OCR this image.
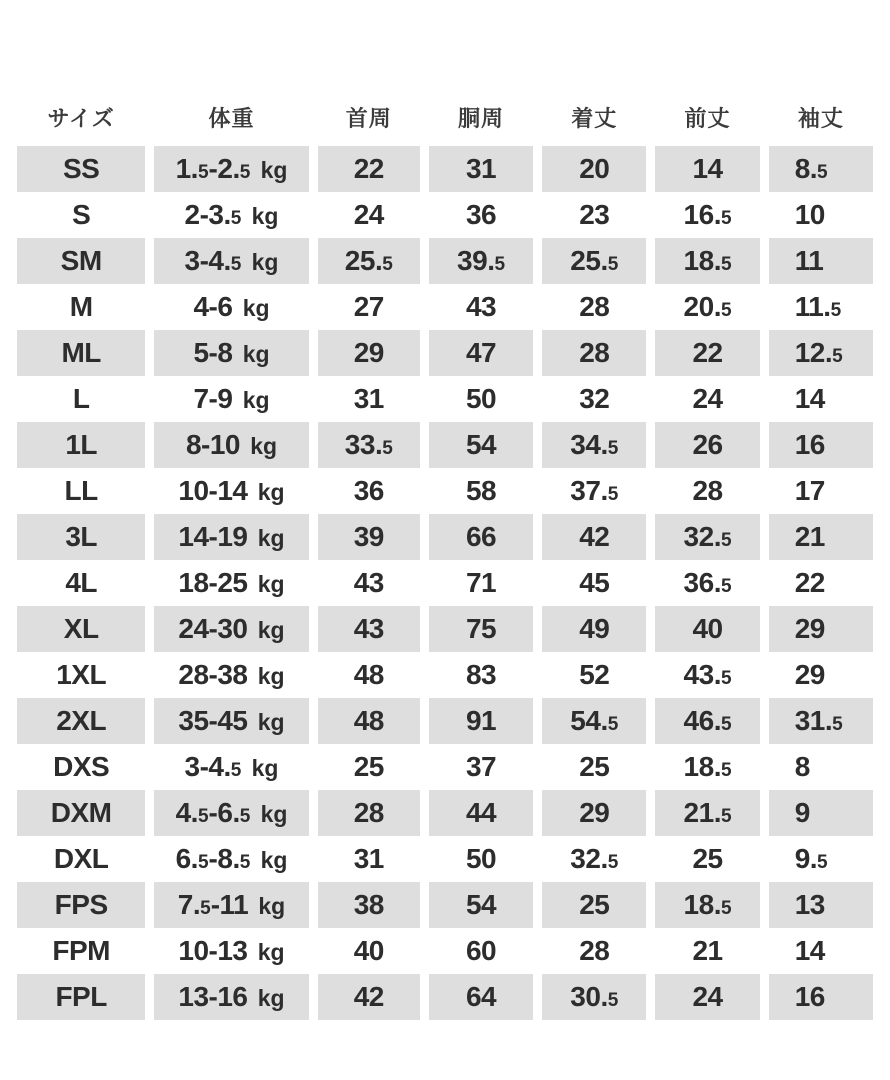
サイズ	体重	首周	胴周	着丈	前丈	袖丈
SS	1.5-2.5 kg	22	31	20	14	8.5
S	2-3.5 kg	24	36	23	16.5	10
SM	3-4.5 kg	25.5	39.5	25.5	18.5	11
M	4-6 kg	27	43	28	20.5	11.5
ML	5-8 kg	29	47	28	22	12.5
L	7-9 kg	31	50	32	24	14
1L	8-10 kg	33.5	54	34.5	26	16
LL	10-14 kg	36	58	37.5	28	17
3L	14-19 kg	39	66	42	32.5	21
4L	18-25 kg	43	71	45	36.5	22
XL	24-30 kg	43	75	49	40	29
1XL	28-38 kg	48	83	52	43.5	29
2XL	35-45 kg	48	91	54.5	46.5	31.5
DXS	3-4.5 kg	25	37	25	18.5	8
DXM	4.5-6.5 kg	28	44	29	21.5	9
DXL	6.5-8.5 kg	31	50	32.5	25	9.5
FPS	7.5-11 kg	38	54	25	18.5	13
FPM	10-13 kg	40	60	28	21	14
FPL	13-16 kg	42	64	30.5	24	16
